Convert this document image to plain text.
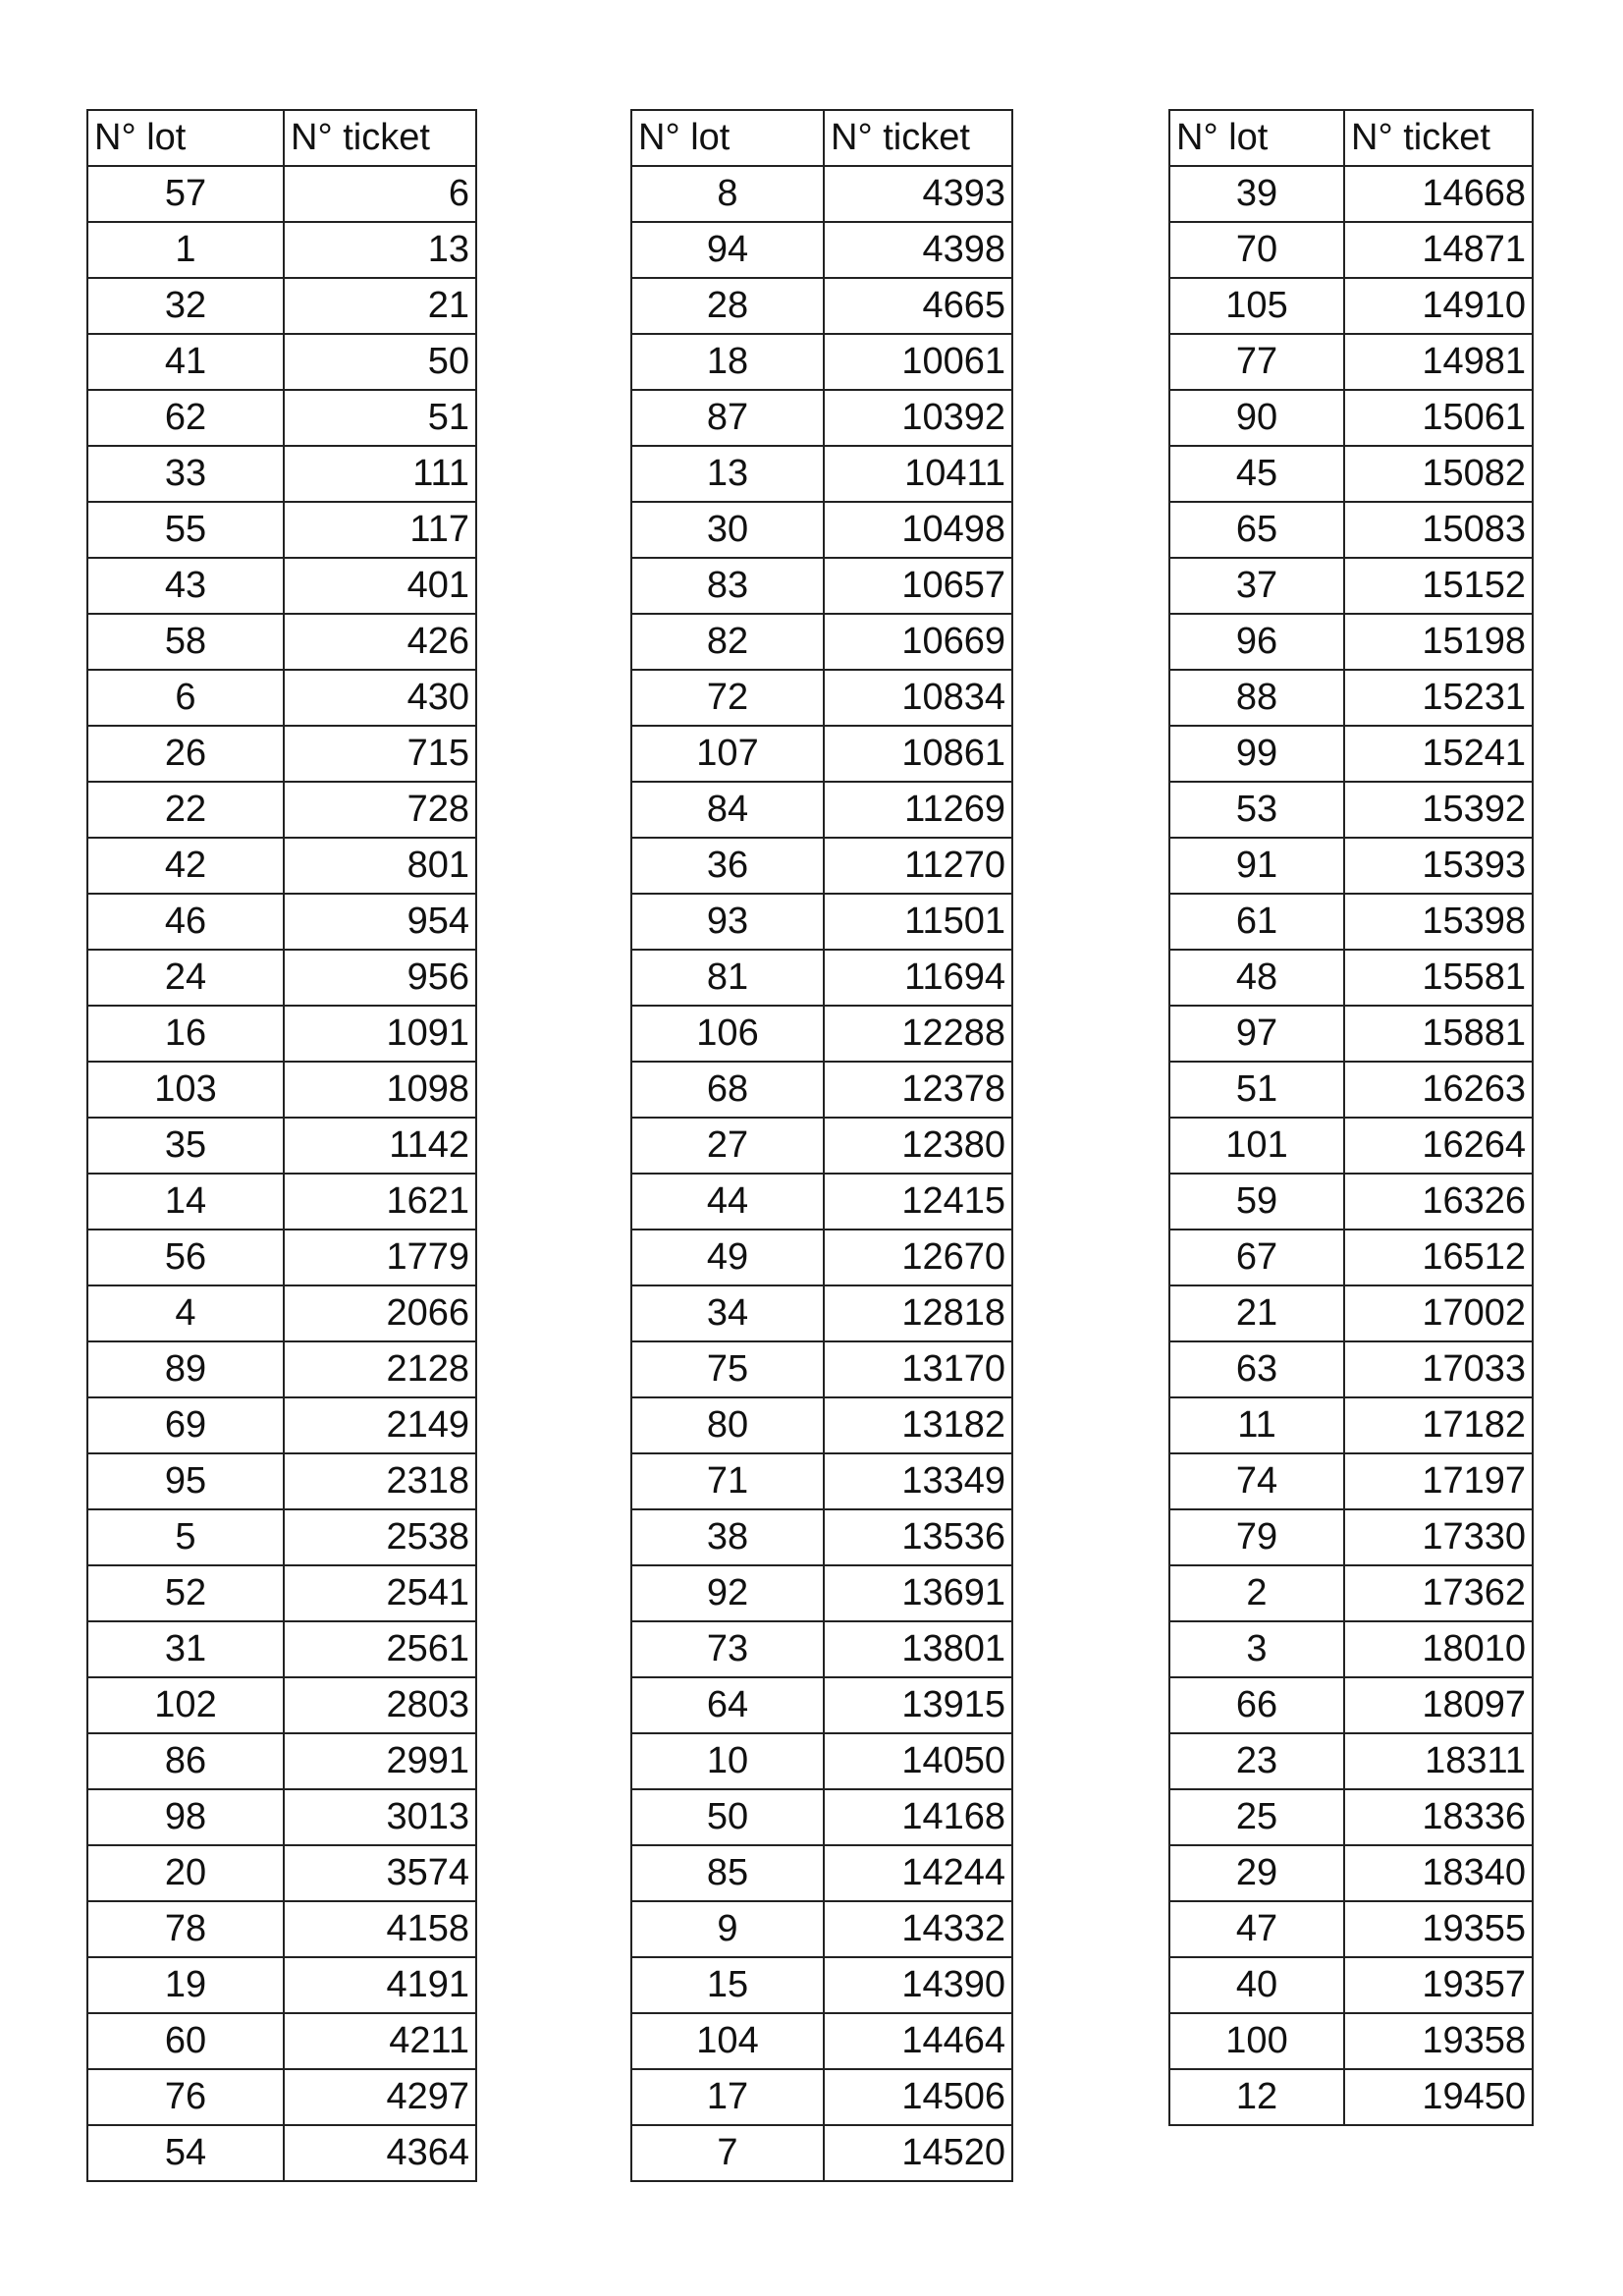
N° lot	N° ticket
57	6
1	13
32	21
41	50
62	51
33	111
55	117
43	401
58	426
6	430
26	715
22	728
42	801
46	954
24	956
16	1091
103	1098
35	1142
14	1621
56	1779
4	2066
89	2128
69	2149
95	2318
5	2538
52	2541
31	2561
102	2803
86	2991
98	3013
20	3574
78	4158
19	4191
60	4211
76	4297
54	4364
N° lot	N° ticket
8	4393
94	4398
28	4665
18	10061
87	10392
13	10411
30	10498
83	10657
82	10669
72	10834
107	10861
84	11269
36	11270
93	11501
81	11694
106	12288
68	12378
27	12380
44	12415
49	12670
34	12818
75	13170
80	13182
71	13349
38	13536
92	13691
73	13801
64	13915
10	14050
50	14168
85	14244
9	14332
15	14390
104	14464
17	14506
7	14520
N° lot	N° ticket
39	14668
70	14871
105	14910
77	14981
90	15061
45	15082
65	15083
37	15152
96	15198
88	15231
99	15241
53	15392
91	15393
61	15398
48	15581
97	15881
51	16263
101	16264
59	16326
67	16512
21	17002
63	17033
11	17182
74	17197
79	17330
2	17362
3	18010
66	18097
23	18311
25	18336
29	18340
47	19355
40	19357
100	19358
12	19450
